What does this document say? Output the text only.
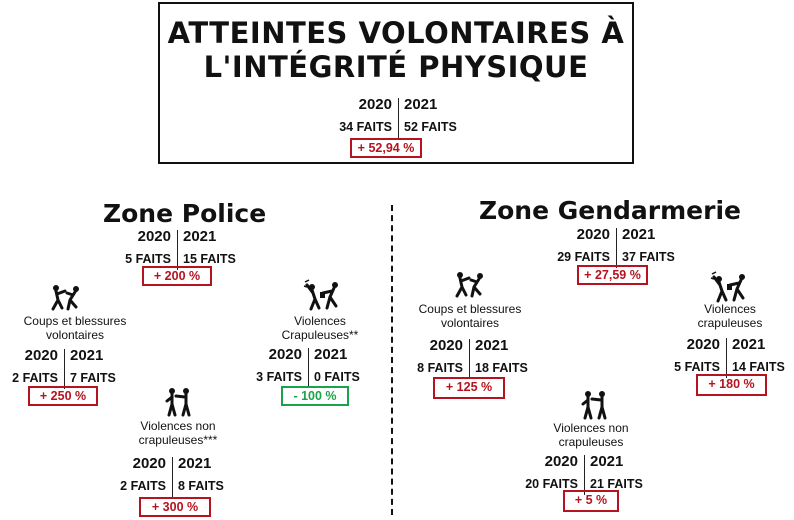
ATTEINTES VOLONTAIRES À
L'INTÉGRITÉ PHYSIQUE
2020 2021
34 FAITS 52 FAITS
+ 52,94 %
Zone Police
2020 2021
5 FAITS 15 FAITS
+ 200 %
Coups et blessures
volontaires
2020 2021
2 FAITS 7 FAITS
+ 250 %
Violences
Crapuleuses**
2020 2021
3 FAITS 0 FAITS
- 100 %
Violences non
crapuleuses***
2020 2021
2 FAITS 8 FAITS
+ 300 %
Zone Gendarmerie
2020 2021
29 FAITS 37 FAITS
+ 27,59 %
Coups et blessures
volontaires
2020 2021
8 FAITS 18 FAITS
+ 125 %
Violences
crapuleuses
2020 2021
5 FAITS 14 FAITS
+ 180 %
Violences non
crapuleuses
2020 2021
20 FAITS 21 FAITS
+ 5 %
